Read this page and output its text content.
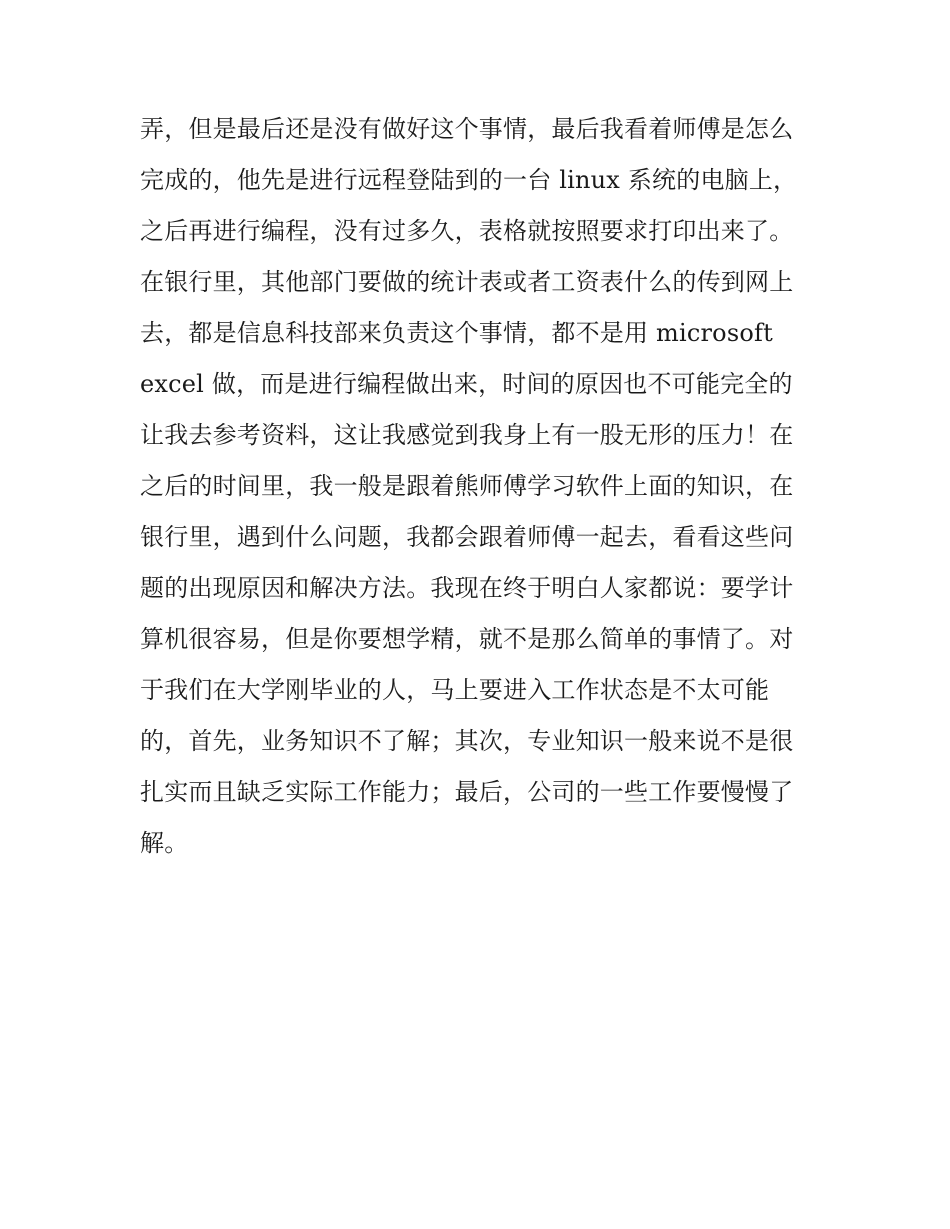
弄，但是最后还是没有做好这个事情，最后我看着师傅是怎么
完成的，他先是进行远程登陆到的一台 linux 系统的电脑上，
之后再进行编程，没有过多久，表格就按照要求打印出来了。
在银行里，其他部门要做的统计表或者工资表什么的传到网上
去，都是信息科技部来负责这个事情，都不是用 microsoft
excel 做，而是进行编程做出来，时间的原因也不可能完全的
让我去参考资料，这让我感觉到我身上有一股无形的压力！在
之后的时间里，我一般是跟着熊师傅学习软件上面的知识，在
银行里，遇到什么问题，我都会跟着师傅一起去，看看这些问
题的出现原因和解决方法。我现在终于明白人家都说：要学计
算机很容易，但是你要想学精，就不是那么简单的事情了。对
于我们在大学刚毕业的人，马上要进入工作状态是不太可能
的，首先，业务知识不了解；其次，专业知识一般来说不是很
扎实而且缺乏实际工作能力；最后，公司的一些工作要慢慢了
解。
